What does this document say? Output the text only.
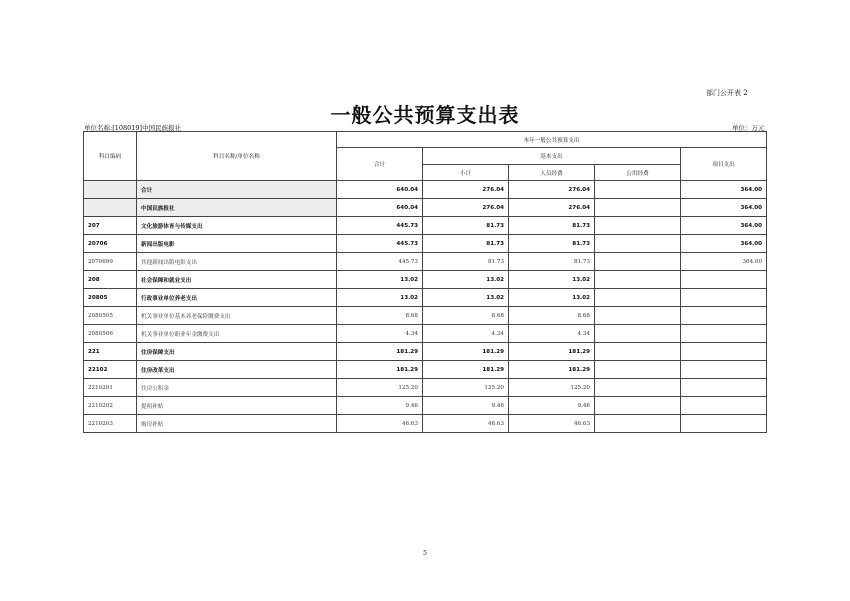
部门公开表 2
一般公共预算支出表
单位名称:[108019]中国民族报社	单位：万元
科目编码	科目名称/单位名称	本年一般公共预算支出				
		合计	基本支出			项目支出
			小计	人员经费	公用经费	
	合计	640.04	276.04	276.04		364.00
	中国民族报社	640.04	276.04	276.04		364.00
207	文化旅游体育与传媒支出	445.73	81.73	81.73		364.00
20706	新闻出版电影	445.73	81.73	81.73		364.00
2070699	其他新闻出版电影支出	445.73	81.73	81.73		364.00
208	社会保障和就业支出	13.02	13.02	13.02		
20805	行政事业单位养老支出	13.02	13.02	13.02		
2080505	机关事业单位基本养老保险缴费支出	8.68	8.68	8.68		
2080506	机关事业单位职业年金缴费支出	4.34	4.34	4.34		
221	住房保障支出	181.29	181.29	181.29		
22102	住房改革支出	181.29	181.29	181.29		
2210201	住房公积金	125.20	125.20	125.20		
2210202	提租补贴	9.46	9.46	9.46		
2210203	购房补贴	46.63	46.63	46.63		
5
